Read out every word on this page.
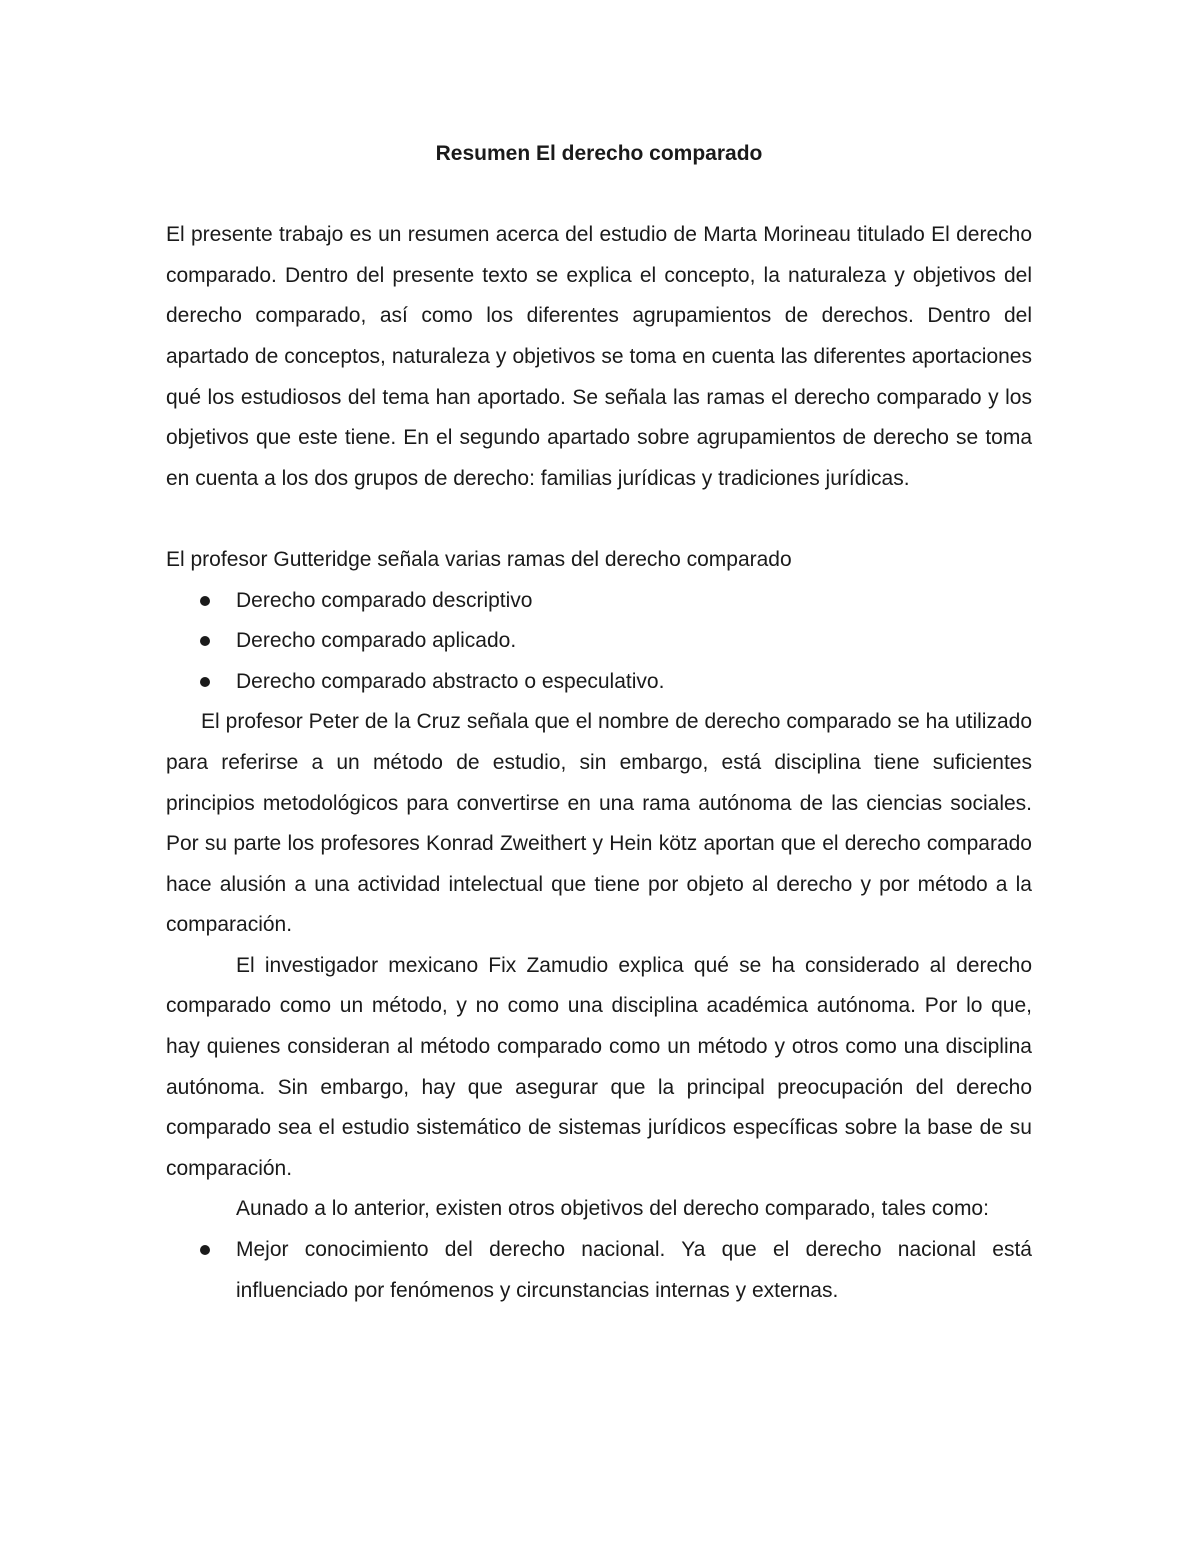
Resumen El derecho comparado

El presente trabajo es un resumen acerca del estudio de Marta Morineau titulado El derecho comparado. Dentro del presente texto se explica el concepto, la naturaleza y objetivos del derecho comparado, así como los diferentes agrupamientos de derechos. Dentro del apartado de conceptos, naturaleza y objetivos se toma en cuenta las diferentes aportaciones qué los estudiosos del tema han aportado. Se señala las ramas el derecho comparado y los objetivos que este tiene. En el segundo apartado sobre agrupamientos de derecho se toma en cuenta a los dos grupos de derecho: familias jurídicas y tradiciones jurídicas.

El profesor Gutteridge señala varias ramas del derecho comparado

Derecho comparado descriptivo
Derecho comparado aplicado.
Derecho comparado abstracto o especulativo.

El profesor Peter de la Cruz señala que el nombre de derecho comparado se ha utilizado para referirse a un método de estudio, sin embargo, está disciplina tiene suficientes principios metodológicos para convertirse en una rama autónoma de las ciencias sociales. Por su parte los profesores Konrad Zweithert y Hein kötz aportan que el derecho comparado hace alusión a una actividad intelectual que tiene por objeto al derecho y por método a la comparación.

El investigador mexicano Fix Zamudio explica qué se ha considerado al derecho comparado como un método, y no como una disciplina académica autónoma. Por lo que, hay quienes consideran al método comparado como un método y otros como una disciplina autónoma. Sin embargo, hay que asegurar que la principal preocupación del derecho comparado sea el estudio sistemático de sistemas jurídicos específicas sobre la base de su comparación.

Aunado a lo anterior, existen otros objetivos del derecho comparado, tales como:

Mejor conocimiento del derecho nacional. Ya que el derecho nacional está influenciado por fenómenos y circunstancias internas y externas.
